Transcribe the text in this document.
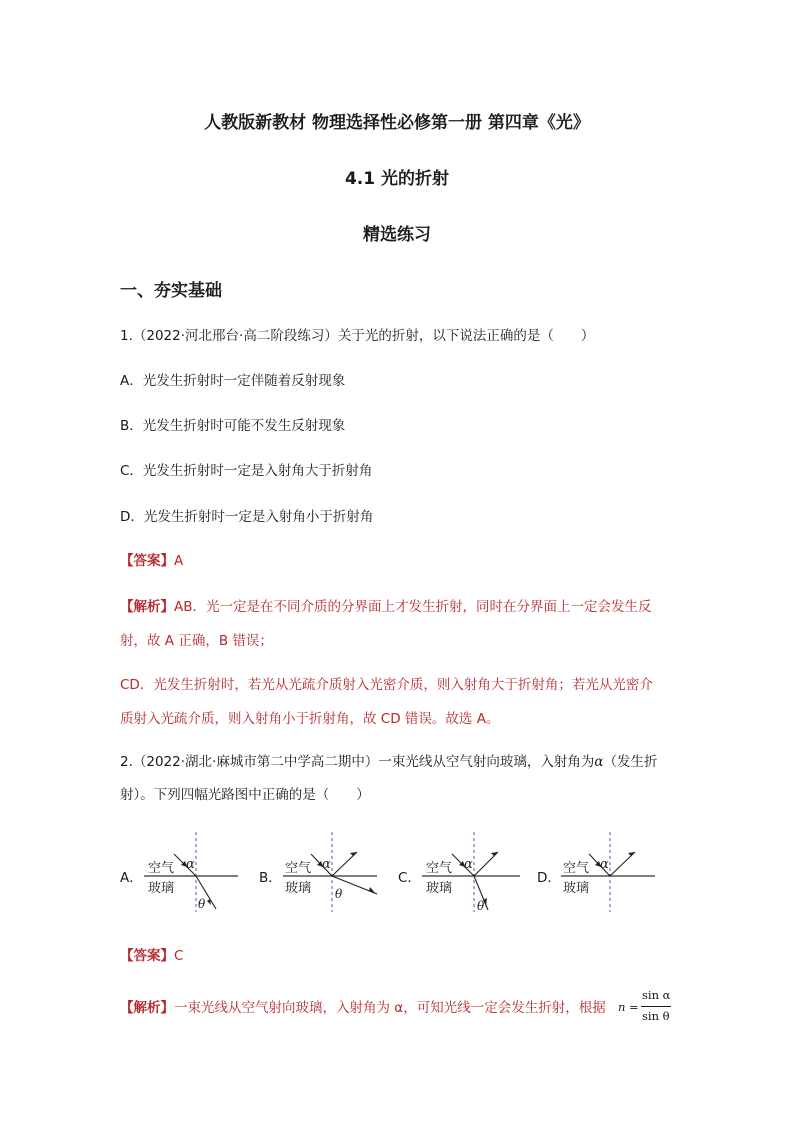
人教版新教材 物理选择性必修第一册 第四章《光》
4.1 光的折射
精选练习
一、夯实基础
1.（2022·河北邢台·高二阶段练习）关于光的折射，以下说法正确的是（　　）
A．光发生折射时一定伴随着反射现象
B．光发生折射时可能不发生反射现象
C．光发生折射时一定是入射角大于折射角
D．光发生折射时一定是入射角小于折射角
【答案】A
【解析】AB．光一定是在不同介质的分界面上才发生折射，同时在分界面上一定会发生反
射，故 A 正确，B 错误；
CD．光发生折射时，若光从光疏介质射入光密介质，则入射角大于折射角；若光从光密介
质射入光疏介质，则入射角小于折射角，故 CD 错误。故选 A。
2.（2022·湖北·麻城市第二中学高二期中）一束光线从空气射向玻璃，入射角为α（发生折
射）。下列四幅光路图中正确的是（　　）
A．
空气
玻璃
α
θ
B．
空气
玻璃
α
θ
C．
空气
玻璃
α
θ
D．
空气
玻璃
α
【答案】C
【解析】一束光线从空气射向玻璃，入射角为 α，可知光线一定会发生折射，根据 n =
sin α
sin θ
